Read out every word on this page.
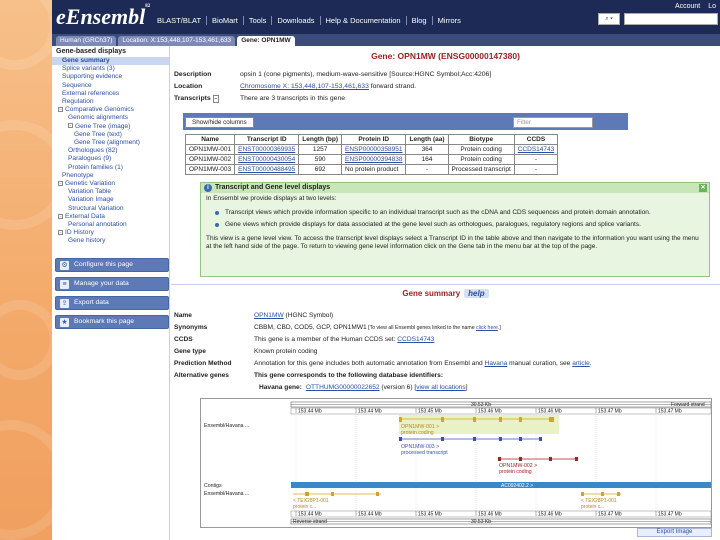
eEnsembl$^{82}$
BLAST/BLAT	BioMart	Tools	Downloads	Help & Documentation	Blog	Mirrors
Account Lo
⌕ ▾
Human (GRCh37)	Location: X:153,448,107-153,461,633	Gene: OPN1MW
Gene-based displays
Gene summary
Splice variants (3)
Supporting evidence
Sequence
External references
Regulation
− Comparative Genomics
Genomic alignments
− Gene Tree (image)
Gene Tree (text)
Gene Tree (alignment)
Orthologues (82)
Paralogues (9)
Protein families (1)
Phenotype
− Genetic Variation
Variation Table
Variation Image
Structural Variation
− External Data
Personal annotation
− ID History
Gene history
⚙ Configure this page
≡	Manage your data
⇪ Export data
★ Bookmark this page
Gene: OPN1MW (ENSG00000147380)
Description	opsin 1 (cone pigments), medium-wave-sensitive [Source:HGNC Symbol;Acc:4206]
Location	Chromosome X: 153,448,107-153,461,633 forward strand.
Transcripts −	There are 3 transcripts in this gene
Show/hide columns	Filter
Name	Transcript ID	Length (bp)	Protein ID	Length (aa)	Biotype	CCDS
OPN1MW-001	ENST00000369935	1257	ENSP00000358951	364	Protein coding	CCDS14743
OPN1MW-002	ENST00000430054	590	ENSP00000394838	164	Protein coding	-
OPN1MW-003	ENST00000488495	692	No protein product	-	Processed transcript	-
i Transcript and Gene level displays	✕

In Ensembl we provide displays at two levels:

Transcript views which provide information specific to an individual transcript such as the cDNA and CDS sequences and protein domain annotation.
Gene views which provide displays for data associated at the gene level such as orthologues, paralogues, regulatory regions and splice variants.

This view is a gene level view. To access the transcript level displays select a Transcript ID in the table above and then navigate to the information you want using the menu at the left hand side of the page. To return to viewing gene level information click on the Gene tab in the menu bar at the top of the page.

Gene summary help
Name	OPN1MW (HGNC Symbol)
Synonyms	CBBM, CBD, COD5, GCP, OPN1MW1 [To view all Ensembl genes linked to the name click here.]
CCDS	This gene is a member of the Human CCDS set: CCDS14743
Gene type	Known protein coding
Prediction Method	Annotation for this gene includes both automatic annotation from Ensembl and Havana manual curation, see article.
Alternative genes	This gene corresponds to the following database identifiers:
Havana gene: OTTHUMG00000022652 (version 6) [view all locations]
30.53 Kb	Forward strand
153.44 Mb	153.44 Mb	153.45 Mb	153.46 Mb	153.46 Mb	153.47 Mb	153.47 Mb
Ensembl/Havana ...
Contigs
Ensembl/Havana ...
OPN1MW-001 >
protein coding
OPN1MW-003 >
processed transcript
OPN1MW-002 >
protein coding
AC092402.2 >
< TEX28P1-001
protein c...
< TEX28P1-001
protein c...
153.44 Mb	153.44 Mb	153.45 Mb	153.46 Mb	153.46 Mb	153.47 Mb	153.47 Mb
Reverse strand	30.53 Kb
Export Image
